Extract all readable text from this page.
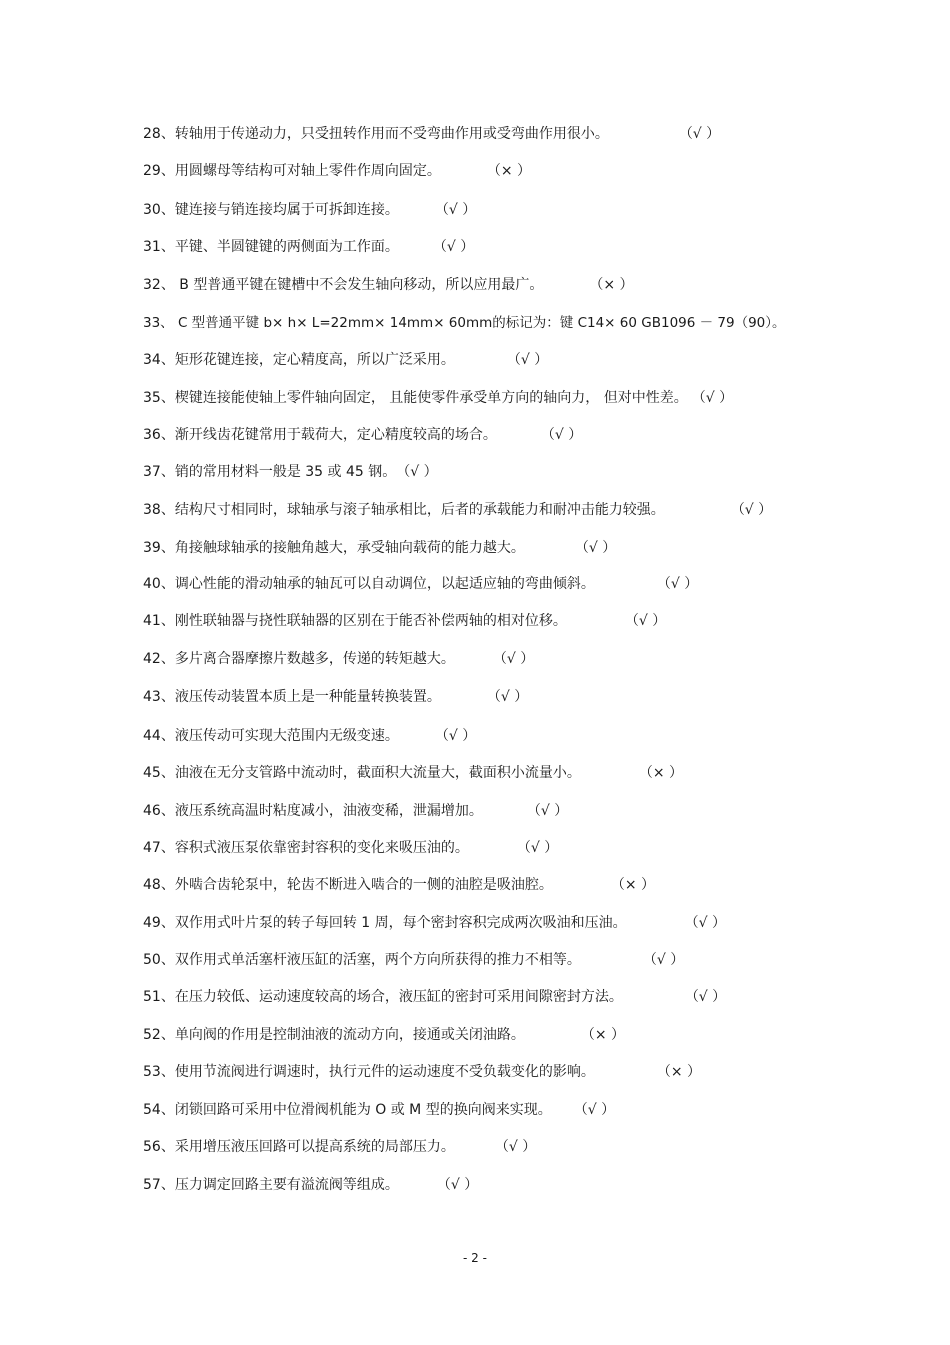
28、转轴用于传递动力，只受扭转作用而不受弯曲作用或受弯曲作用很小。	（√ ）
29、用圆螺母等结构可对轴上零件作周向固定。	（× ）
30、键连接与销连接均属于可拆卸连接。	（√ ）
31、平键、半圆键键的两侧面为工作面。 （√ ）
32、 B 型普通平键在键槽中不会发生轴向移动，所以应用最广。	（× ）
33、 C 型普通平键 b× h× L=22mm× 14mm× 60mm的标记为：键 C14× 60 GB1096 － 79（90）。
34、矩形花键连接，定心精度高，所以广泛采用。	（√ ）
35、楔键连接能使轴上零件轴向固定， 且能使零件承受单方向的轴向力， 但对中性差。 （√ ）
36、渐开线齿花键常用于载荷大，定心精度较高的场合。	（√ ）
37、销的常用材料一般是 35 或 45 钢。（√ ）
38、结构尺寸相同时，球轴承与滚子轴承相比，后者的承载能力和耐冲击能力较强。	（√ ）
39、角接触球轴承的接触角越大，承受轴向载荷的能力越大。	（√ ）
40、调心性能的滑动轴承的轴瓦可以自动调位，以起适应轴的弯曲倾斜。	（√ ）
41、刚性联轴器与挠性联轴器的区别在于能否补偿两轴的相对位移。	（√ ）
42、多片离合器摩擦片数越多，传递的转矩越大。	（√ ）
43、液压传动装置本质上是一种能量转换装置。	（√ ）
44、液压传动可实现大范围内无级变速。	（√ ）
45、油液在无分支管路中流动时，截面积大流量大，截面积小流量小。	（× ）
46、液压系统高温时粘度减小，油液变稀，泄漏增加。	（√ ）
47、容积式液压泵依靠密封容积的变化来吸压油的。	（√ ）
48、外啮合齿轮泵中，轮齿不断进入啮合的一侧的油腔是吸油腔。	（× ）
49、双作用式叶片泵的转子每回转 1 周，每个密封容积完成两次吸油和压油。	（√ ）
50、双作用式单活塞杆液压缸的活塞，两个方向所获得的推力不相等。	（√ ）
51、在压力较低、运动速度较高的场合，液压缸的密封可采用间隙密封方法。	（√ ）
52、单向阀的作用是控制油液的流动方向，接通或关闭油路。	（× ）
53、使用节流阀进行调速时，执行元件的运动速度不受负载变化的影响。	（× ）
54、闭锁回路可采用中位滑阀机能为 O 或 M 型的换向阀来实现。 （√ ）
56、采用增压液压回路可以提高系统的局部压力。	（√ ）
57、压力调定回路主要有溢流阀等组成。	（√ ）
- 2 -
